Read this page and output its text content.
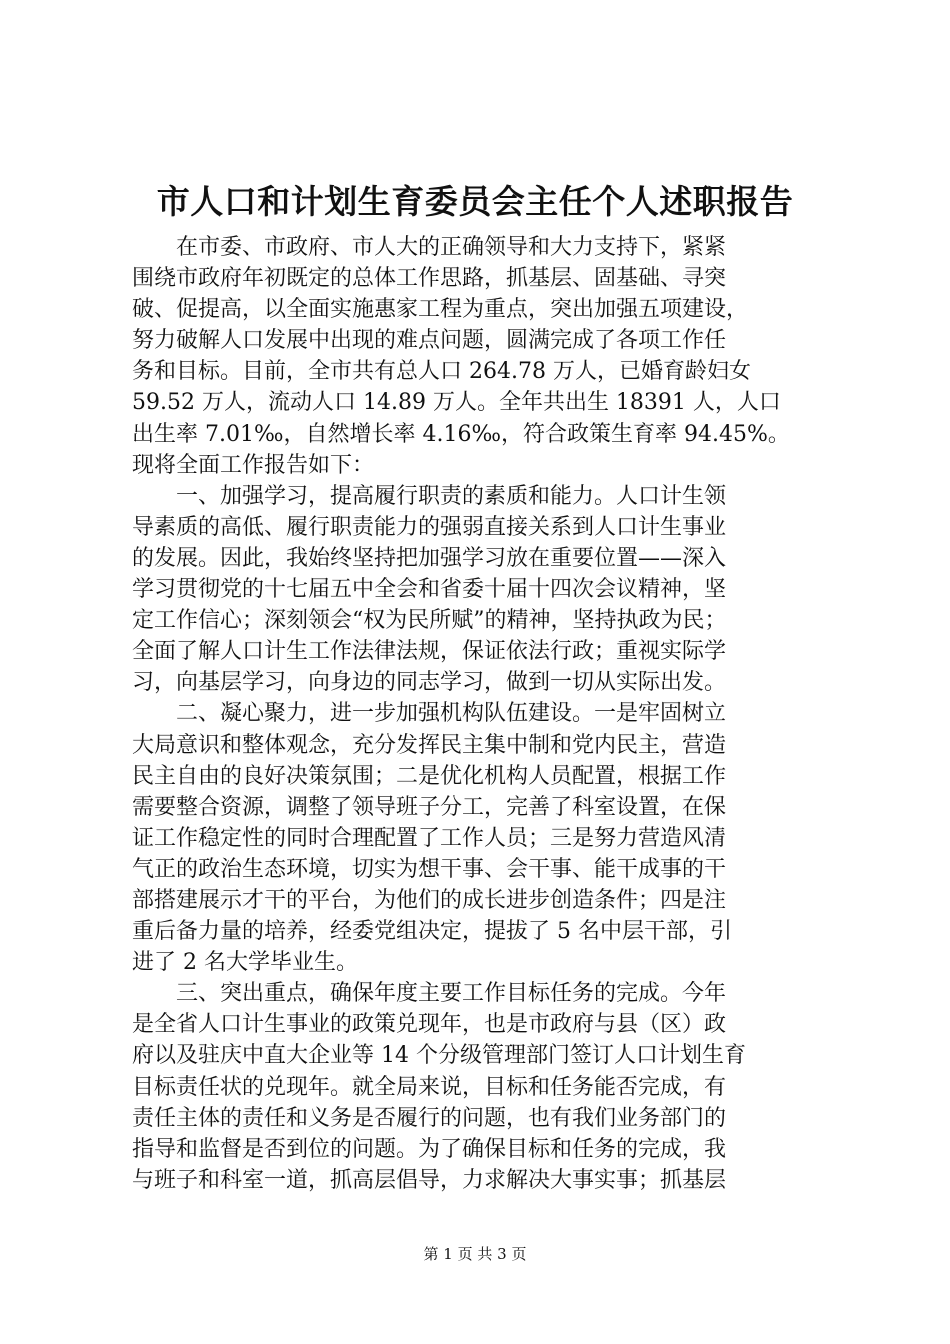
市人口和计划生育委员会主任个人述职报告
　　在市委、市政府、市人大的正确领导和大力支持下，紧紧
围绕市政府年初既定的总体工作思路，抓基层、固基础、寻突
破、促提高，以全面实施惠家工程为重点，突出加强五项建设，
努力破解人口发展中出现的难点问题，圆满完成了各项工作任
务和目标。目前，全市共有总人口 264.78 万人，已婚育龄妇女
59.52 万人，流动人口 14.89 万人。全年共出生 18391 人，人口
出生率 7.01‰，自然增长率 4.16‰，符合政策生育率 94.45%。
现将全面工作报告如下：
　　一、加强学习，提高履行职责的素质和能力。人口计生领
导素质的高低、履行职责能力的强弱直接关系到人口计生事业
的发展。因此，我始终坚持把加强学习放在重要位置——深入
学习贯彻党的十七届五中全会和省委十届十四次会议精神，坚
定工作信心；深刻领会“权为民所赋”的精神，坚持执政为民；
全面了解人口计生工作法律法规，保证依法行政；重视实际学
习，向基层学习，向身边的同志学习，做到一切从实际出发。
　　二、凝心聚力，进一步加强机构队伍建设。一是牢固树立
大局意识和整体观念，充分发挥民主集中制和党内民主，营造
民主自由的良好决策氛围；二是优化机构人员配置，根据工作
需要整合资源，调整了领导班子分工，完善了科室设置，在保
证工作稳定性的同时合理配置了工作人员；三是努力营造风清
气正的政治生态环境，切实为想干事、会干事、能干成事的干
部搭建展示才干的平台，为他们的成长进步创造条件；四是注
重后备力量的培养，经委党组决定，提拔了 5 名中层干部，引
进了 2 名大学毕业生。
　　三、突出重点，确保年度主要工作目标任务的完成。今年
是全省人口计生事业的政策兑现年，也是市政府与县（区）政
府以及驻庆中直大企业等 14 个分级管理部门签订人口计划生育
目标责任状的兑现年。就全局来说，目标和任务能否完成，有
责任主体的责任和义务是否履行的问题，也有我们业务部门的
指导和监督是否到位的问题。为了确保目标和任务的完成，我
与班子和科室一道，抓高层倡导，力求解决大事实事；抓基层
第 1 页 共 3 页
